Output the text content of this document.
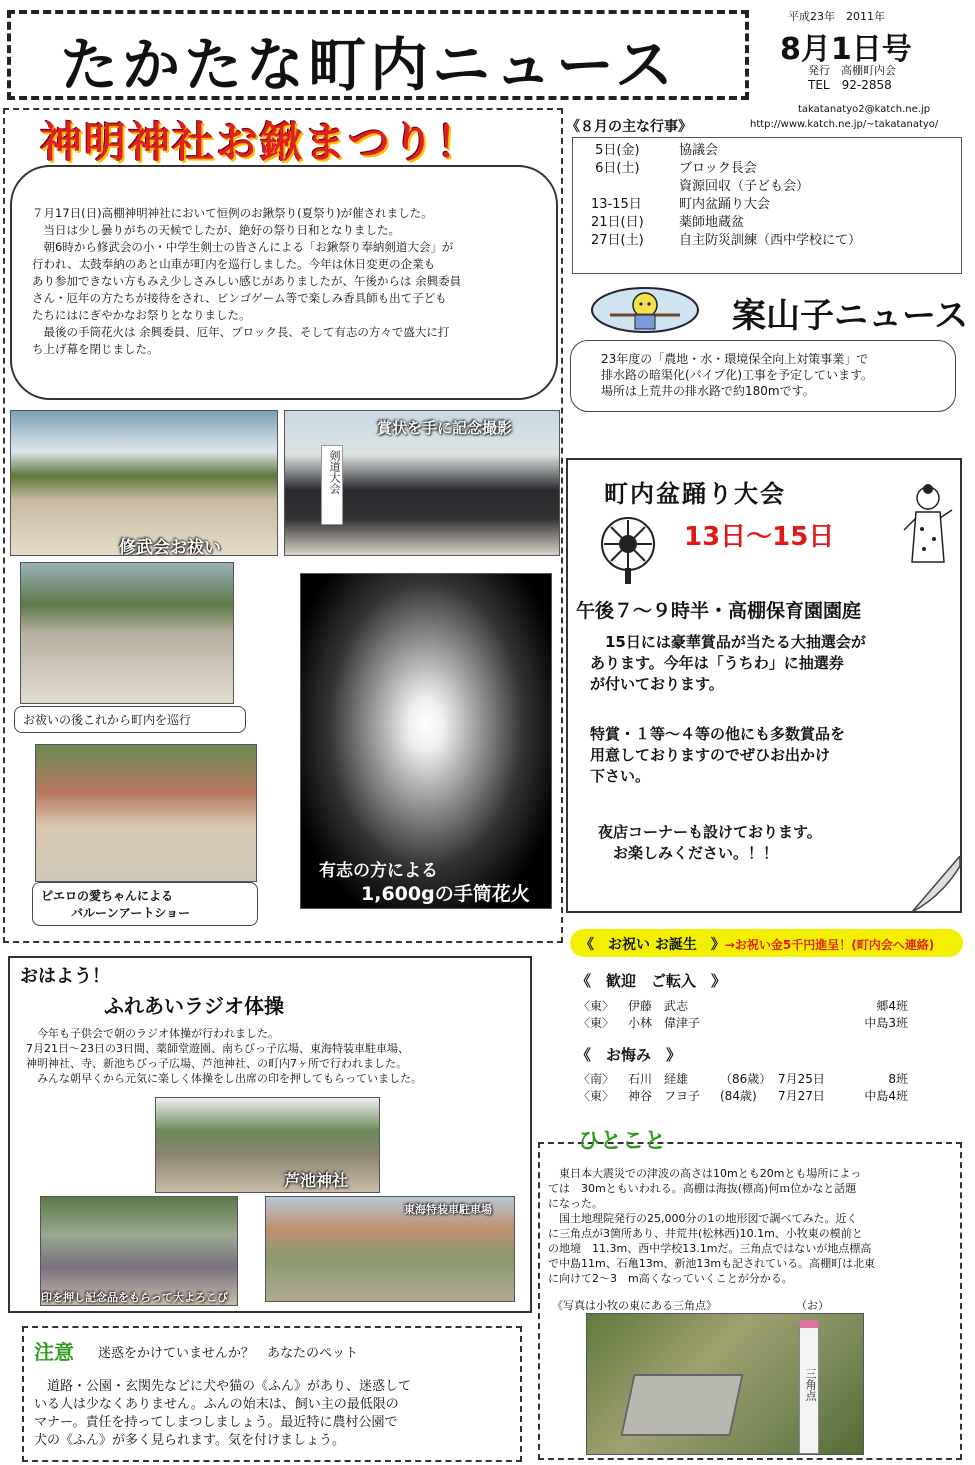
たかたな町内ニュース
平成23年　 2011年
8月1日号
発行　高棚町内会
TEL　92-2858
takatanatyo2@katch.ne.jp
http://www.katch.ne.jp/~takatanatyo/
神明神社お鍬まつり！
７月17日(日)高棚神明神社において恒例のお鍬祭り(夏祭り)が催されました。
　当日は少し曇りがちの天候でしたが、絶好の祭り日和となりました。
　朝6時から修武会の小・中学生剣士の皆さんによる「お鍬祭り奉納剣道大会」が
行われ、太鼓奉納のあと山車が町内を巡行しました。今年は休日変更の企業も
あり参加できない方もみえ少しさみしい感じがありましたが、午後からは 余興委員
さん・厄年の方たちが接待をされ、ビンゴゲーム等で楽しみ香具師も出て子ども
たちにはにぎやかなお祭りとなりました。
　最後の手筒花火は 余興委員、厄年、ブロック長、そして有志の方々で盛大に打
ち上げ幕を閉じました。
修武会お祓い
剣道大会
賞状を手に記念撮影
お祓いの後これから町内を巡行
ピエロの愛ちゃんによる
バルーンアートショー
有志の方による
1,600gの手筒花火
《８月の主な行事》
5日(金)	協議会
6日(土)	ブロック長会
資源回収（子ども会）
13-15日	町内盆踊り大会
21日(日)	薬師地蔵盆
27日(土)	自主防災訓練（西中学校にて）
案山子ニュース
23年度の「農地・水・環境保全向上対策事業」で
排水路の暗渠化(パイプ化)工事を予定しています。
場所は上荒井の排水路で約180mです。
町内盆踊り大会
13日～15日
午後７～９時半・高棚保育園園庭
　15日には豪華賞品が当たる大抽選会が
あります。今年は「うちわ」に抽選券
が付いております。
特賞・１等～４等の他にも多数賞品を
用意しておりますのでぜひお出かけ
下さい。
夜店コーナーも設けております。
　お楽しみください。！！
《　お祝い お誕生　》→お祝い金5千円進呈！(町内会へ連絡)
《　歓迎　ご転入　》
〈東〉 伊藤　武志	郷4班
〈東〉 小林　偉津子	中島3班
《　お悔み　》
〈南〉 石川　経雄	（86歳） 7月25日	8班
〈東〉 神谷　フヨ子 (84歳) 7月27日	中島4班
おはよう！
ふれあいラジオ体操
　今年も子供会で朝のラジオ体操が行われました。
7月21日～23日の3日間、薬師堂遊園、南ちびっ子広場、東海特装車駐車場、
神明神社、寺、新池ちびっ子広場、芦池神社、の町内7ヶ所で行われました。
　みんな朝早くから元気に楽しく体操をし出席の印を押してもらっていました。
芦池神社
印を押し記念品をもらって大よろこび
東海特装車駐車場
ひとこと
　東日本大震災での津波の高さは10mとも20mとも場所によっ
ては　30mともいわれる。高棚は海抜(標高)何ｍ位かなと話題
になった。
　国土地理院発行の25,000分の1の地形図で調べてみた。近く
に三角点が3箇所あり、井荒井(松林西)10.1m、小牧東の模前と
の地境　11.3m、西中学校13.1mだ。三角点ではないが地点標高
で中島11m、石亀13m、新池13mも記されている。高棚町は北東
に向けて2～3　m高くなっていくことが分かる。
《写真は小牧の東にある三角点》	（お）
三角点
注意 迷惑をかけていませんか？　あなたのペット
　道路・公園・玄関先などに犬や猫の《ふん》があり、迷惑して
いる人は少なくありません。ふんの始末は、飼い主の最低限の
マナー。責任を持ってしまつしましょう。最近特に農村公園で
犬の《ふん》が多く見られます。気を付けましょう。
